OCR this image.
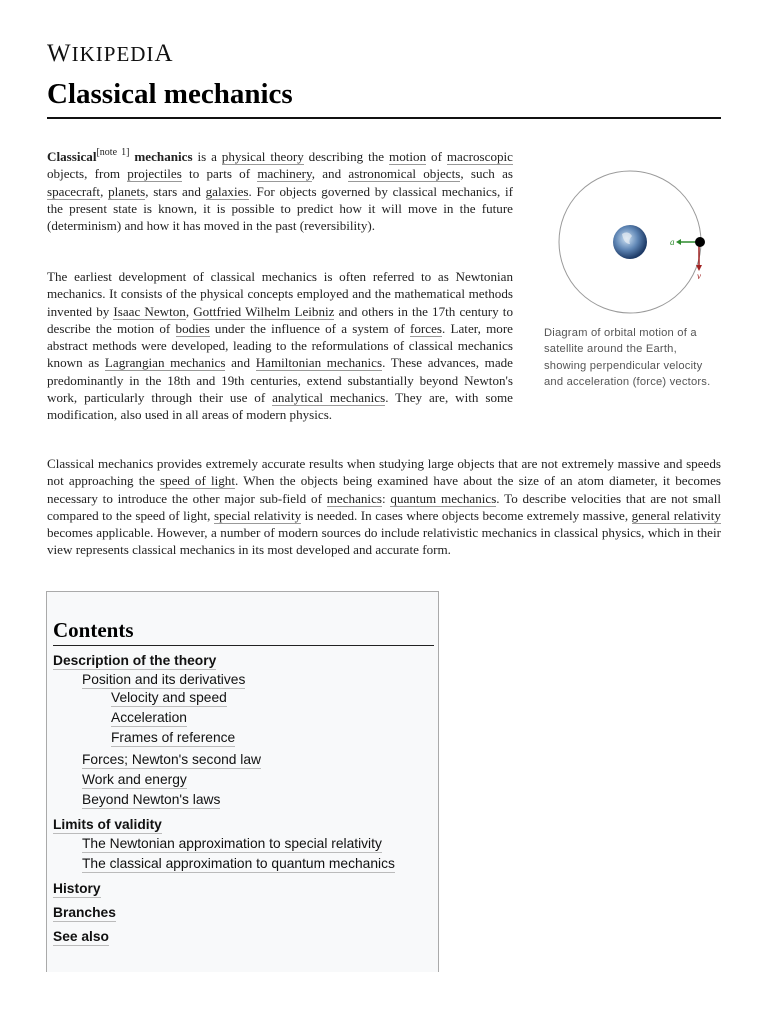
WIKIPEDIA
Classical mechanics

Classical[note 1] mechanics is a physical theory describing the motion of macroscopic objects, from projectiles to parts of machinery, and astronomical objects, such as spacecraft, planets, stars and galaxies. For objects governed by classical mechanics, if the present state is known, it is possible to predict how it will move in the future (determinism) and how it has moved in the past (reversibility).

The earliest development of classical mechanics is often referred to as Newtonian mechanics. It consists of the physical concepts employed and the mathematical methods invented by Isaac Newton, Gottfried Wilhelm Leibniz and others in the 17th century to describe the motion of bodies under the influence of a system of forces. Later, more abstract methods were developed, leading to the reformulations of classical mechanics known as Lagrangian mechanics and Hamiltonian mechanics. These advances, made predominantly in the 18th and 19th centuries, extend substantially beyond Newton's work, particularly through their use of analytical mechanics. They are, with some modification, also used in all areas of modern physics.

a
v
Diagram of orbital motion of a satellite around the Earth, showing perpendicular velocity and acceleration (force) vectors.

Classical mechanics provides extremely accurate results when studying large objects that are not extremely massive and speeds not approaching the speed of light. When the objects being examined have about the size of an atom diameter, it becomes necessary to introduce the other major sub-field of mechanics: quantum mechanics. To describe velocities that are not small compared to the speed of light, special relativity is needed. In cases where objects become extremely massive, general relativity becomes applicable. However, a number of modern sources do include relativistic mechanics in classical physics, which in their view represents classical mechanics in its most developed and accurate form.

Contents
Description of the theory
Position and its derivatives
Velocity and speed
Acceleration
Frames of reference
Forces; Newton's second law
Work and energy
Beyond Newton's laws
Limits of validity
The Newtonian approximation to special relativity
The classical approximation to quantum mechanics
History
Branches
See also
